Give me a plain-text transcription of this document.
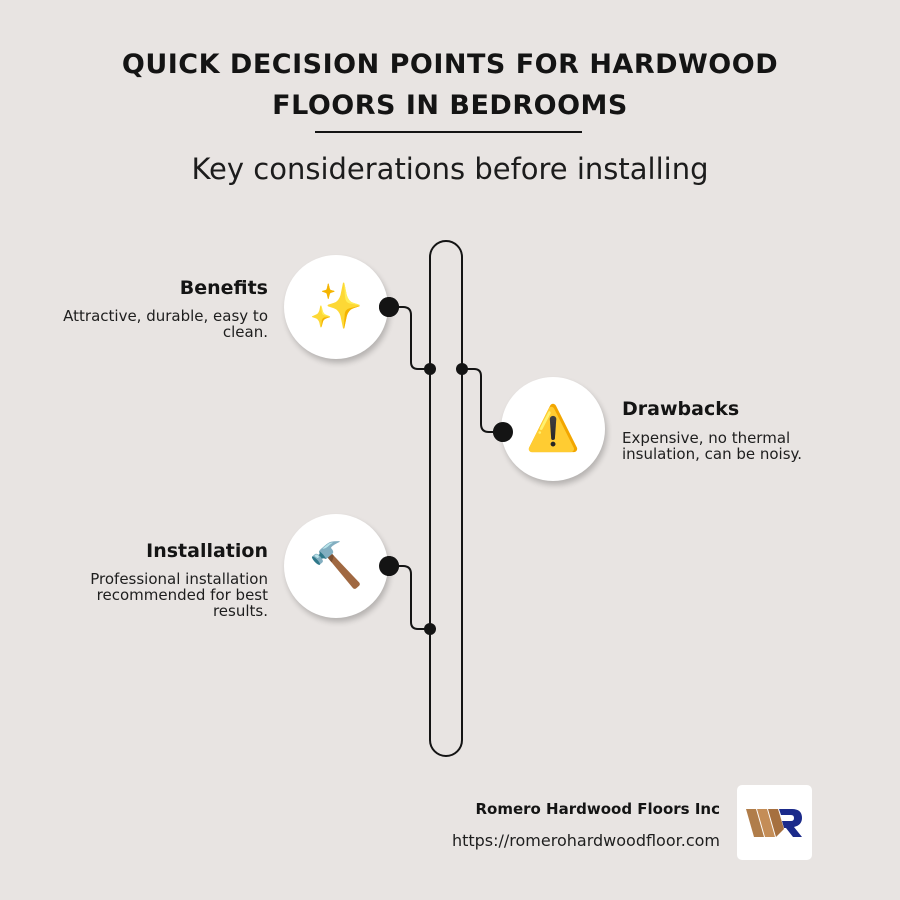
QUICK DECISION POINTS FOR HARDWOOD
FLOORS IN BEDROOMS
Key considerations before installing
Benefits
Attractive, durable, easy to clean. ✨
⚠️ Drawbacks
Expensive, no thermal insulation, can be noisy.
Installation
Professional installation recommended for best results.
🔨
Romero Hardwood Floors Inc
https://romerohardwoodfloor.com
